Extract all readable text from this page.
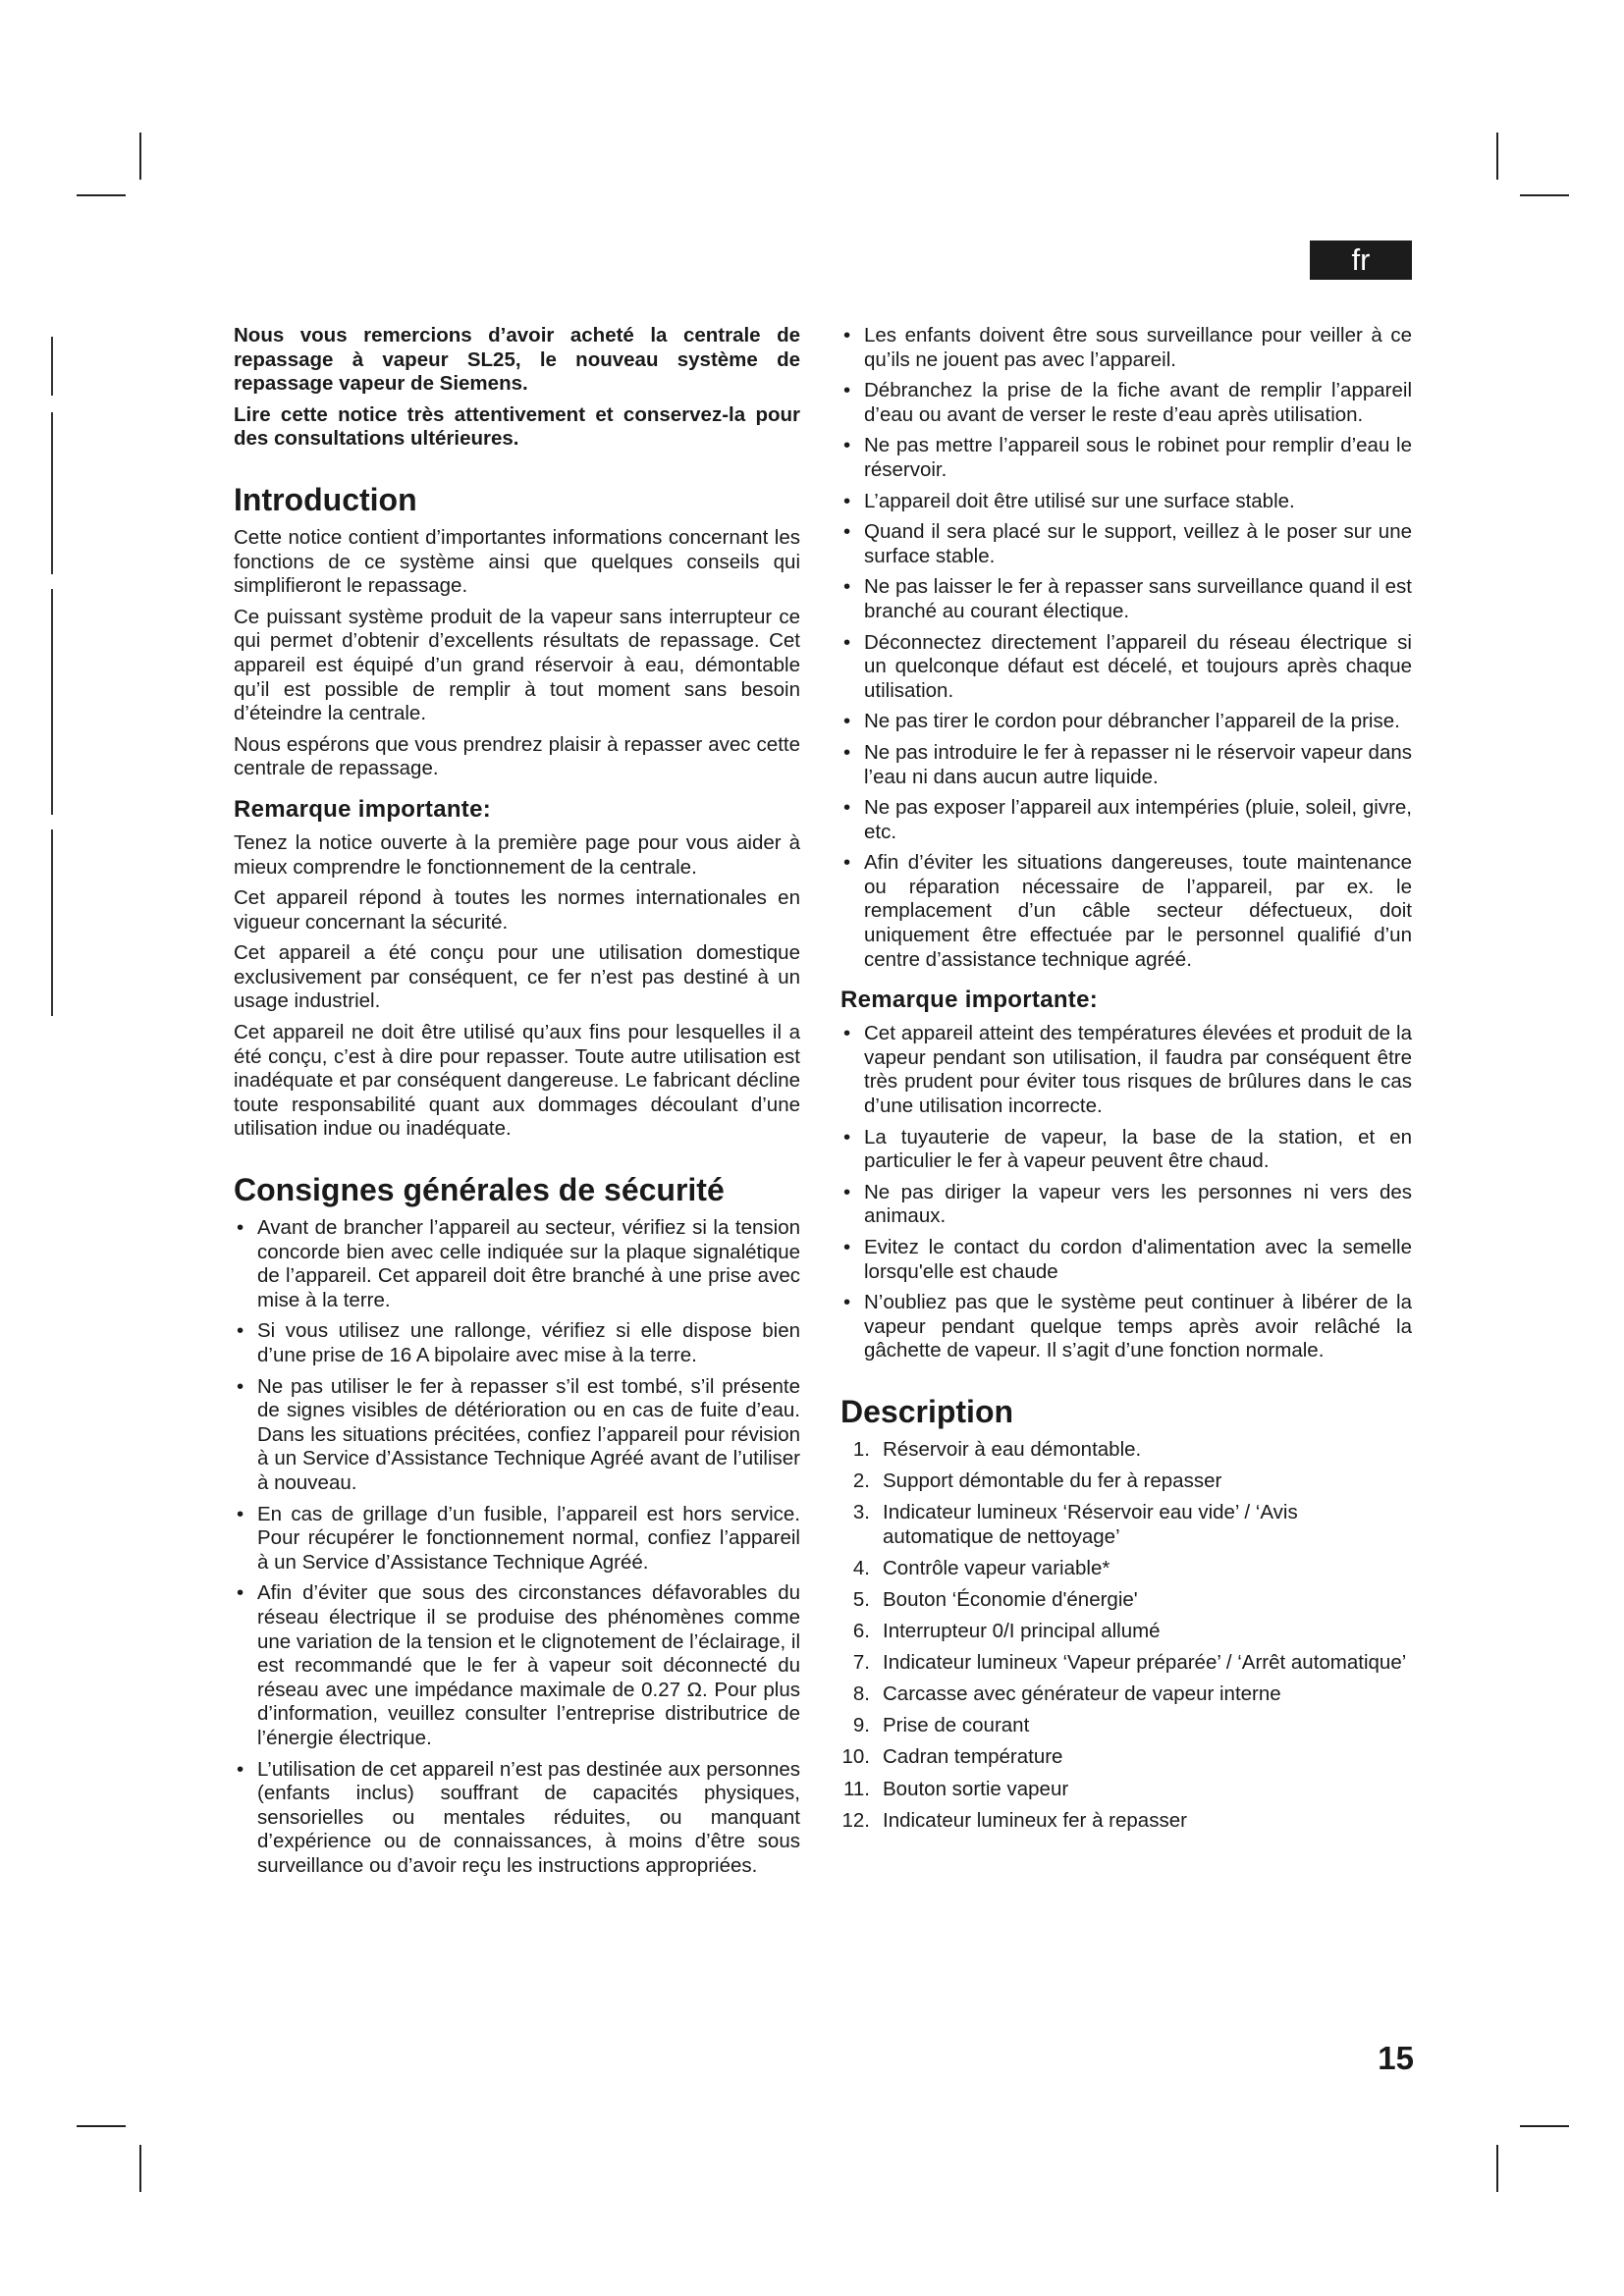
fr

Nous vous remercions d’avoir acheté la centrale de repassage à vapeur SL25, le nouveau système de repassage vapeur de Siemens.

Lire cette notice très attentivement et conservez-la pour des consultations ultérieures.

Introduction

Cette notice contient d’importantes informations concernant les fonctions de ce système ainsi que quelques conseils qui simplifieront le repassage.

Ce puissant système produit de la vapeur sans interrupteur ce qui permet d’obtenir d’excellents résultats de repassage. Cet appareil est équipé d’un grand réservoir à eau, démontable qu’il est possible de remplir à tout moment sans besoin d’éteindre la centrale.

Nous espérons que vous prendrez plaisir à repasser avec cette centrale de repassage.

Remarque importante:

Tenez la notice ouverte à la première page pour vous aider à mieux comprendre le fonctionnement de la centrale.

Cet appareil répond à toutes les normes internationales en vigueur concernant la sécurité.

Cet appareil a été conçu pour une utilisation domestique exclusivement par conséquent, ce fer n’est pas destiné à un usage industriel.

Cet appareil ne doit être utilisé qu’aux fins pour lesquelles il a été conçu, c’est à dire pour repasser. Toute autre utilisation est inadéquate et par conséquent dangereuse. Le fabricant décline toute responsabilité quant aux dommages découlant d’une utilisation indue ou inadéquate.

Consignes générales de sécurité
• Avant de brancher l’appareil au secteur, vérifiez si la tension concorde bien avec celle indiquée sur la plaque signalétique de l’appareil. Cet appareil doit être branché à une prise avec mise à la terre.
• Si vous utilisez une rallonge, vérifiez si elle dispose bien d’une prise de 16 A bipolaire avec mise à la terre.
• Ne pas utiliser le fer à repasser s’il est tombé, s’il présente de signes visibles de détérioration ou en cas de fuite d’eau. Dans les situations précitées, confiez l’appareil pour révision à un Service d’Assistance Technique Agréé avant de l’utiliser à nouveau.
• En cas de grillage d’un fusible, l’appareil est hors service. Pour récupérer le fonctionnement normal, confiez l’appareil à un Service d’Assistance Technique Agréé.
• Afin d’éviter que sous des circonstances défavorables du réseau électrique il se produise des phénomènes comme une variation de la tension et le clignotement de l’éclairage, il est recommandé que le fer à vapeur soit déconnecté du réseau avec une impédance maximale de 0.27 Ω. Pour plus d’information, veuillez consulter l’entreprise distributrice de l’énergie électrique.
• L’utilisation de cet appareil n’est pas destinée aux personnes (enfants inclus) souffrant de capacités physiques, sensorielles ou mentales réduites, ou manquant d’expérience ou de connaissances, à moins d’être sous surveillance ou d’avoir reçu les instructions appropriées.
• Les enfants doivent être sous surveillance pour veiller à ce qu’ils ne jouent pas avec l’appareil.
• Débranchez la prise de la fiche avant de remplir l’appareil d’eau ou avant de verser le reste d’eau après utilisation.
• Ne pas mettre l’appareil sous le robinet pour remplir d’eau le réservoir.
• L’appareil doit être utilisé sur une surface stable.
• Quand il sera placé sur le support, veillez à le poser sur une surface stable.
• Ne pas laisser le fer à repasser sans surveillance quand il est branché au courant électique.
• Déconnectez directement l’appareil du réseau électrique si un quelconque défaut est décelé, et toujours après chaque utilisation.
• Ne pas tirer le cordon pour débrancher l’appareil de la prise.
• Ne pas introduire le fer à repasser ni le réservoir vapeur dans l’eau ni dans aucun autre liquide.
• Ne pas exposer l’appareil aux intempéries (pluie, soleil, givre, etc.
• Afin d’éviter les situations dangereuses, toute maintenance ou réparation nécessaire de l’appareil, par ex. le remplacement d’un câble secteur défectueux, doit uniquement être effectuée par le personnel qualifié d’un centre d’assistance technique agréé.
Remarque importante:
• Cet appareil atteint des températures élevées et produit de la vapeur pendant son utilisation, il faudra par conséquent être très prudent pour éviter tous risques de brûlures dans le cas d’une utilisation incorrecte.
• La tuyauterie de vapeur, la base de la station, et en particulier le fer à vapeur peuvent être chaud.
• Ne pas diriger la vapeur vers les personnes ni vers des animaux.
• Evitez le contact du cordon d'alimentation avec la semelle lorsqu'elle est chaude
• N’oubliez pas que le système peut continuer à libérer de la vapeur pendant quelque temps après avoir relâché la gâchette de vapeur. Il s’agit d’une fonction normale.
Description
1. Réservoir à eau démontable.
2. Support démontable du fer à repasser
3. Indicateur lumineux ‘Réservoir eau vide’ / ‘Avis automatique de nettoyage’
4. Contrôle vapeur variable*
5. Bouton ‘Économie d'énergie'
6. Interrupteur 0/I principal allumé
7. Indicateur lumineux ‘Vapeur préparée’ / ‘Arrêt automatique’
8. Carcasse avec générateur de vapeur interne
9. Prise de courant
10. Cadran température
11. Bouton sortie vapeur
12. Indicateur lumineux fer à repasser
15
